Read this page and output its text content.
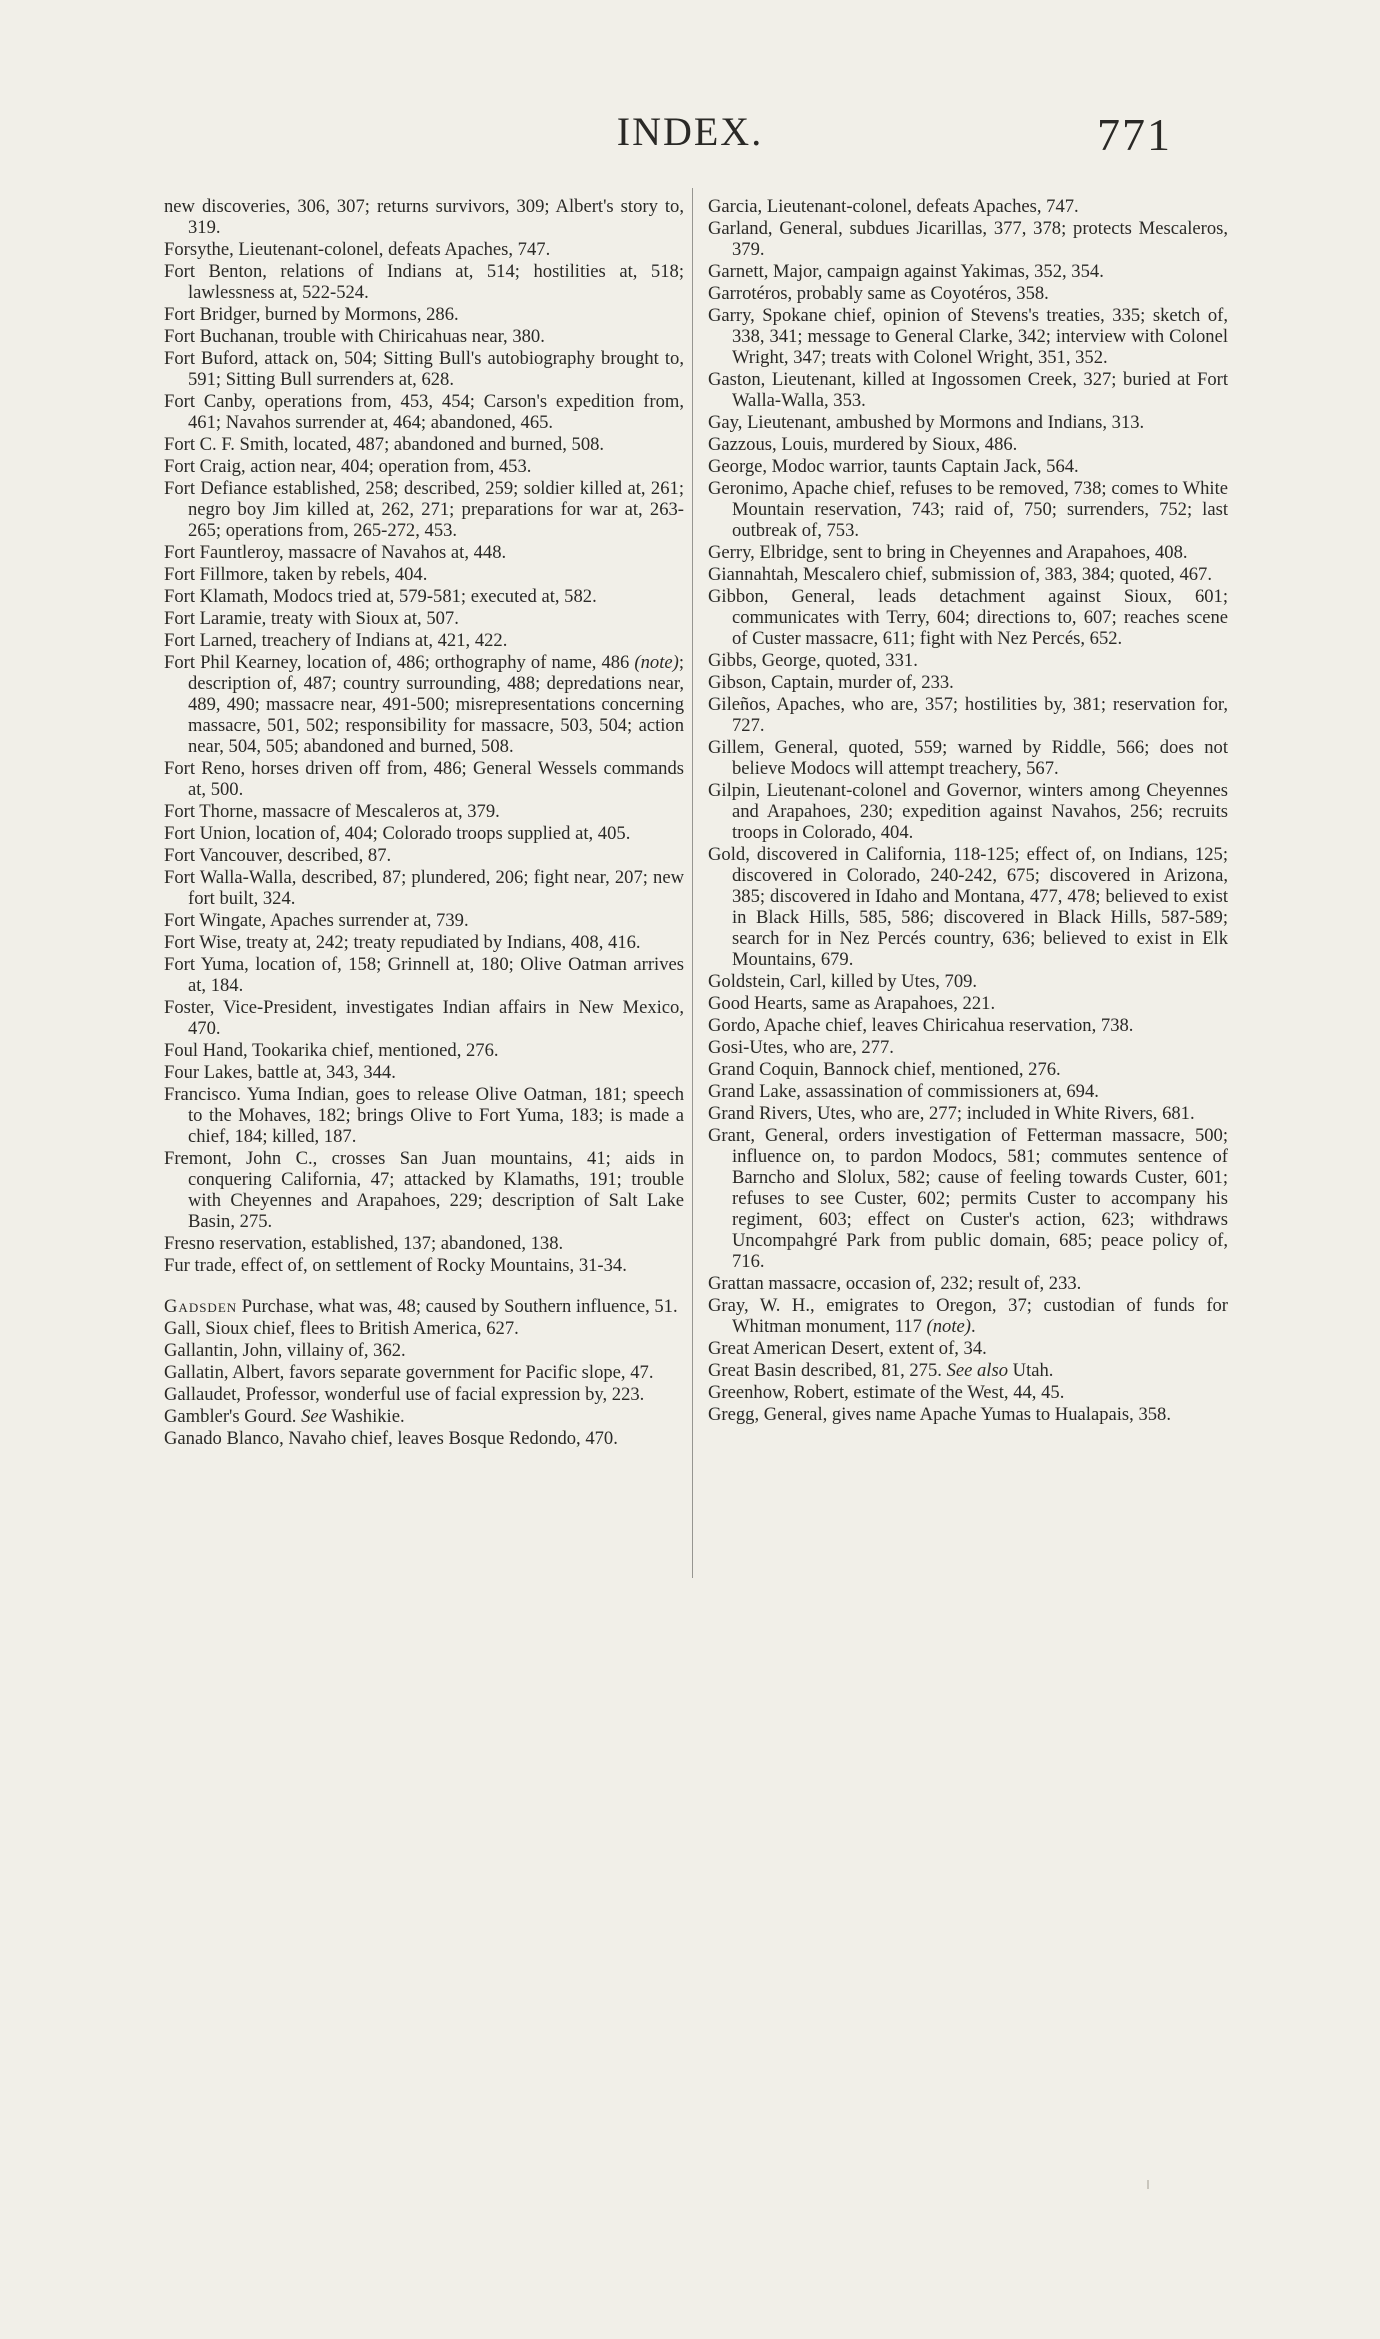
INDEX.	771

new discoveries, 306, 307; returns survivors, 309; Albert's story to, 319.

Forsythe, Lieutenant-colonel, defeats Apaches, 747.

Fort Benton, relations of Indians at, 514; hostilities at, 518; lawlessness at, 522-524.

Fort Bridger, burned by Mormons, 286.

Fort Buchanan, trouble with Chiricahuas near, 380.

Fort Buford, attack on, 504; Sitting Bull's autobiography brought to, 591; Sitting Bull surrenders at, 628.

Fort Canby, operations from, 453, 454; Carson's expedition from, 461; Navahos surrender at, 464; abandoned, 465.

Fort C. F. Smith, located, 487; abandoned and burned, 508.

Fort Craig, action near, 404; operation from, 453.

Fort Defiance established, 258; described, 259; soldier killed at, 261; negro boy Jim killed at, 262, 271; preparations for war at, 263-265; operations from, 265-272, 453.

Fort Fauntleroy, massacre of Navahos at, 448.

Fort Fillmore, taken by rebels, 404.

Fort Klamath, Modocs tried at, 579-581; executed at, 582.

Fort Laramie, treaty with Sioux at, 507.

Fort Larned, treachery of Indians at, 421, 422.

Fort Phil Kearney, location of, 486; orthography of name, 486 (note); description of, 487; country surrounding, 488; depredations near, 489, 490; massacre near, 491-500; misrepresentations concerning massacre, 501, 502; responsibility for massacre, 503, 504; action near, 504, 505; abandoned and burned, 508.

Fort Reno, horses driven off from, 486; General Wessels commands at, 500.

Fort Thorne, massacre of Mescaleros at, 379.

Fort Union, location of, 404; Colorado troops supplied at, 405.

Fort Vancouver, described, 87.

Fort Walla-Walla, described, 87; plundered, 206; fight near, 207; new fort built, 324.

Fort Wingate, Apaches surrender at, 739.

Fort Wise, treaty at, 242; treaty repudiated by Indians, 408, 416.

Fort Yuma, location of, 158; Grinnell at, 180; Olive Oatman arrives at, 184.

Foster, Vice-President, investigates Indian affairs in New Mexico, 470.

Foul Hand, Tookarika chief, mentioned, 276.

Four Lakes, battle at, 343, 344.

Francisco. Yuma Indian, goes to release Olive Oatman, 181; speech to the Mohaves, 182; brings Olive to Fort Yuma, 183; is made a chief, 184; killed, 187.

Fremont, John C., crosses San Juan mountains, 41; aids in conquering California, 47; attacked by Klamaths, 191; trouble with Cheyennes and Arapahoes, 229; description of Salt Lake Basin, 275.

Fresno reservation, established, 137; abandoned, 138.

Fur trade, effect of, on settlement of Rocky Mountains, 31-34.

Gadsden Purchase, what was, 48; caused by Southern influence, 51.

Gall, Sioux chief, flees to British America, 627.

Gallantin, John, villainy of, 362.

Gallatin, Albert, favors separate government for Pacific slope, 47.

Gallaudet, Professor, wonderful use of facial expression by, 223.

Gambler's Gourd. See Washikie.

Ganado Blanco, Navaho chief, leaves Bosque Redondo, 470.

Garcia, Lieutenant-colonel, defeats Apaches, 747.

Garland, General, subdues Jicarillas, 377, 378; protects Mescaleros, 379.

Garnett, Major, campaign against Yakimas, 352, 354.

Garrotéros, probably same as Coyotéros, 358.

Garry, Spokane chief, opinion of Stevens's treaties, 335; sketch of, 338, 341; message to General Clarke, 342; interview with Colonel Wright, 347; treats with Colonel Wright, 351, 352.

Gaston, Lieutenant, killed at Ingossomen Creek, 327; buried at Fort Walla-Walla, 353.

Gay, Lieutenant, ambushed by Mormons and Indians, 313.

Gazzous, Louis, murdered by Sioux, 486.

George, Modoc warrior, taunts Captain Jack, 564.

Geronimo, Apache chief, refuses to be removed, 738; comes to White Mountain reservation, 743; raid of, 750; surrenders, 752; last outbreak of, 753.

Gerry, Elbridge, sent to bring in Cheyennes and Arapahoes, 408.

Giannahtah, Mescalero chief, submission of, 383, 384; quoted, 467.

Gibbon, General, leads detachment against Sioux, 601; communicates with Terry, 604; directions to, 607; reaches scene of Custer massacre, 611; fight with Nez Percés, 652.

Gibbs, George, quoted, 331.

Gibson, Captain, murder of, 233.

Gileños, Apaches, who are, 357; hostilities by, 381; reservation for, 727.

Gillem, General, quoted, 559; warned by Riddle, 566; does not believe Modocs will attempt treachery, 567.

Gilpin, Lieutenant-colonel and Governor, winters among Cheyennes and Arapahoes, 230; expedition against Navahos, 256; recruits troops in Colorado, 404.

Gold, discovered in California, 118-125; effect of, on Indians, 125; discovered in Colorado, 240-242, 675; discovered in Arizona, 385; discovered in Idaho and Montana, 477, 478; believed to exist in Black Hills, 585, 586; discovered in Black Hills, 587-589; search for in Nez Percés country, 636; believed to exist in Elk Mountains, 679.

Goldstein, Carl, killed by Utes, 709.

Good Hearts, same as Arapahoes, 221.

Gordo, Apache chief, leaves Chiricahua reservation, 738.

Gosi-Utes, who are, 277.

Grand Coquin, Bannock chief, mentioned, 276.

Grand Lake, assassination of commissioners at, 694.

Grand Rivers, Utes, who are, 277; included in White Rivers, 681.

Grant, General, orders investigation of Fetterman massacre, 500; influence on, to pardon Modocs, 581; commutes sentence of Barncho and Slolux, 582; cause of feeling towards Custer, 601; refuses to see Custer, 602; permits Custer to accompany his regiment, 603; effect on Custer's action, 623; withdraws Uncompahgré Park from public domain, 685; peace policy of, 716.

Grattan massacre, occasion of, 232; result of, 233.

Gray, W. H., emigrates to Oregon, 37; custodian of funds for Whitman monument, 117 (note).

Great American Desert, extent of, 34.

Great Basin described, 81, 275. See also Utah.

Greenhow, Robert, estimate of the West, 44, 45.

Gregg, General, gives name Apache Yumas to Hualapais, 358.
